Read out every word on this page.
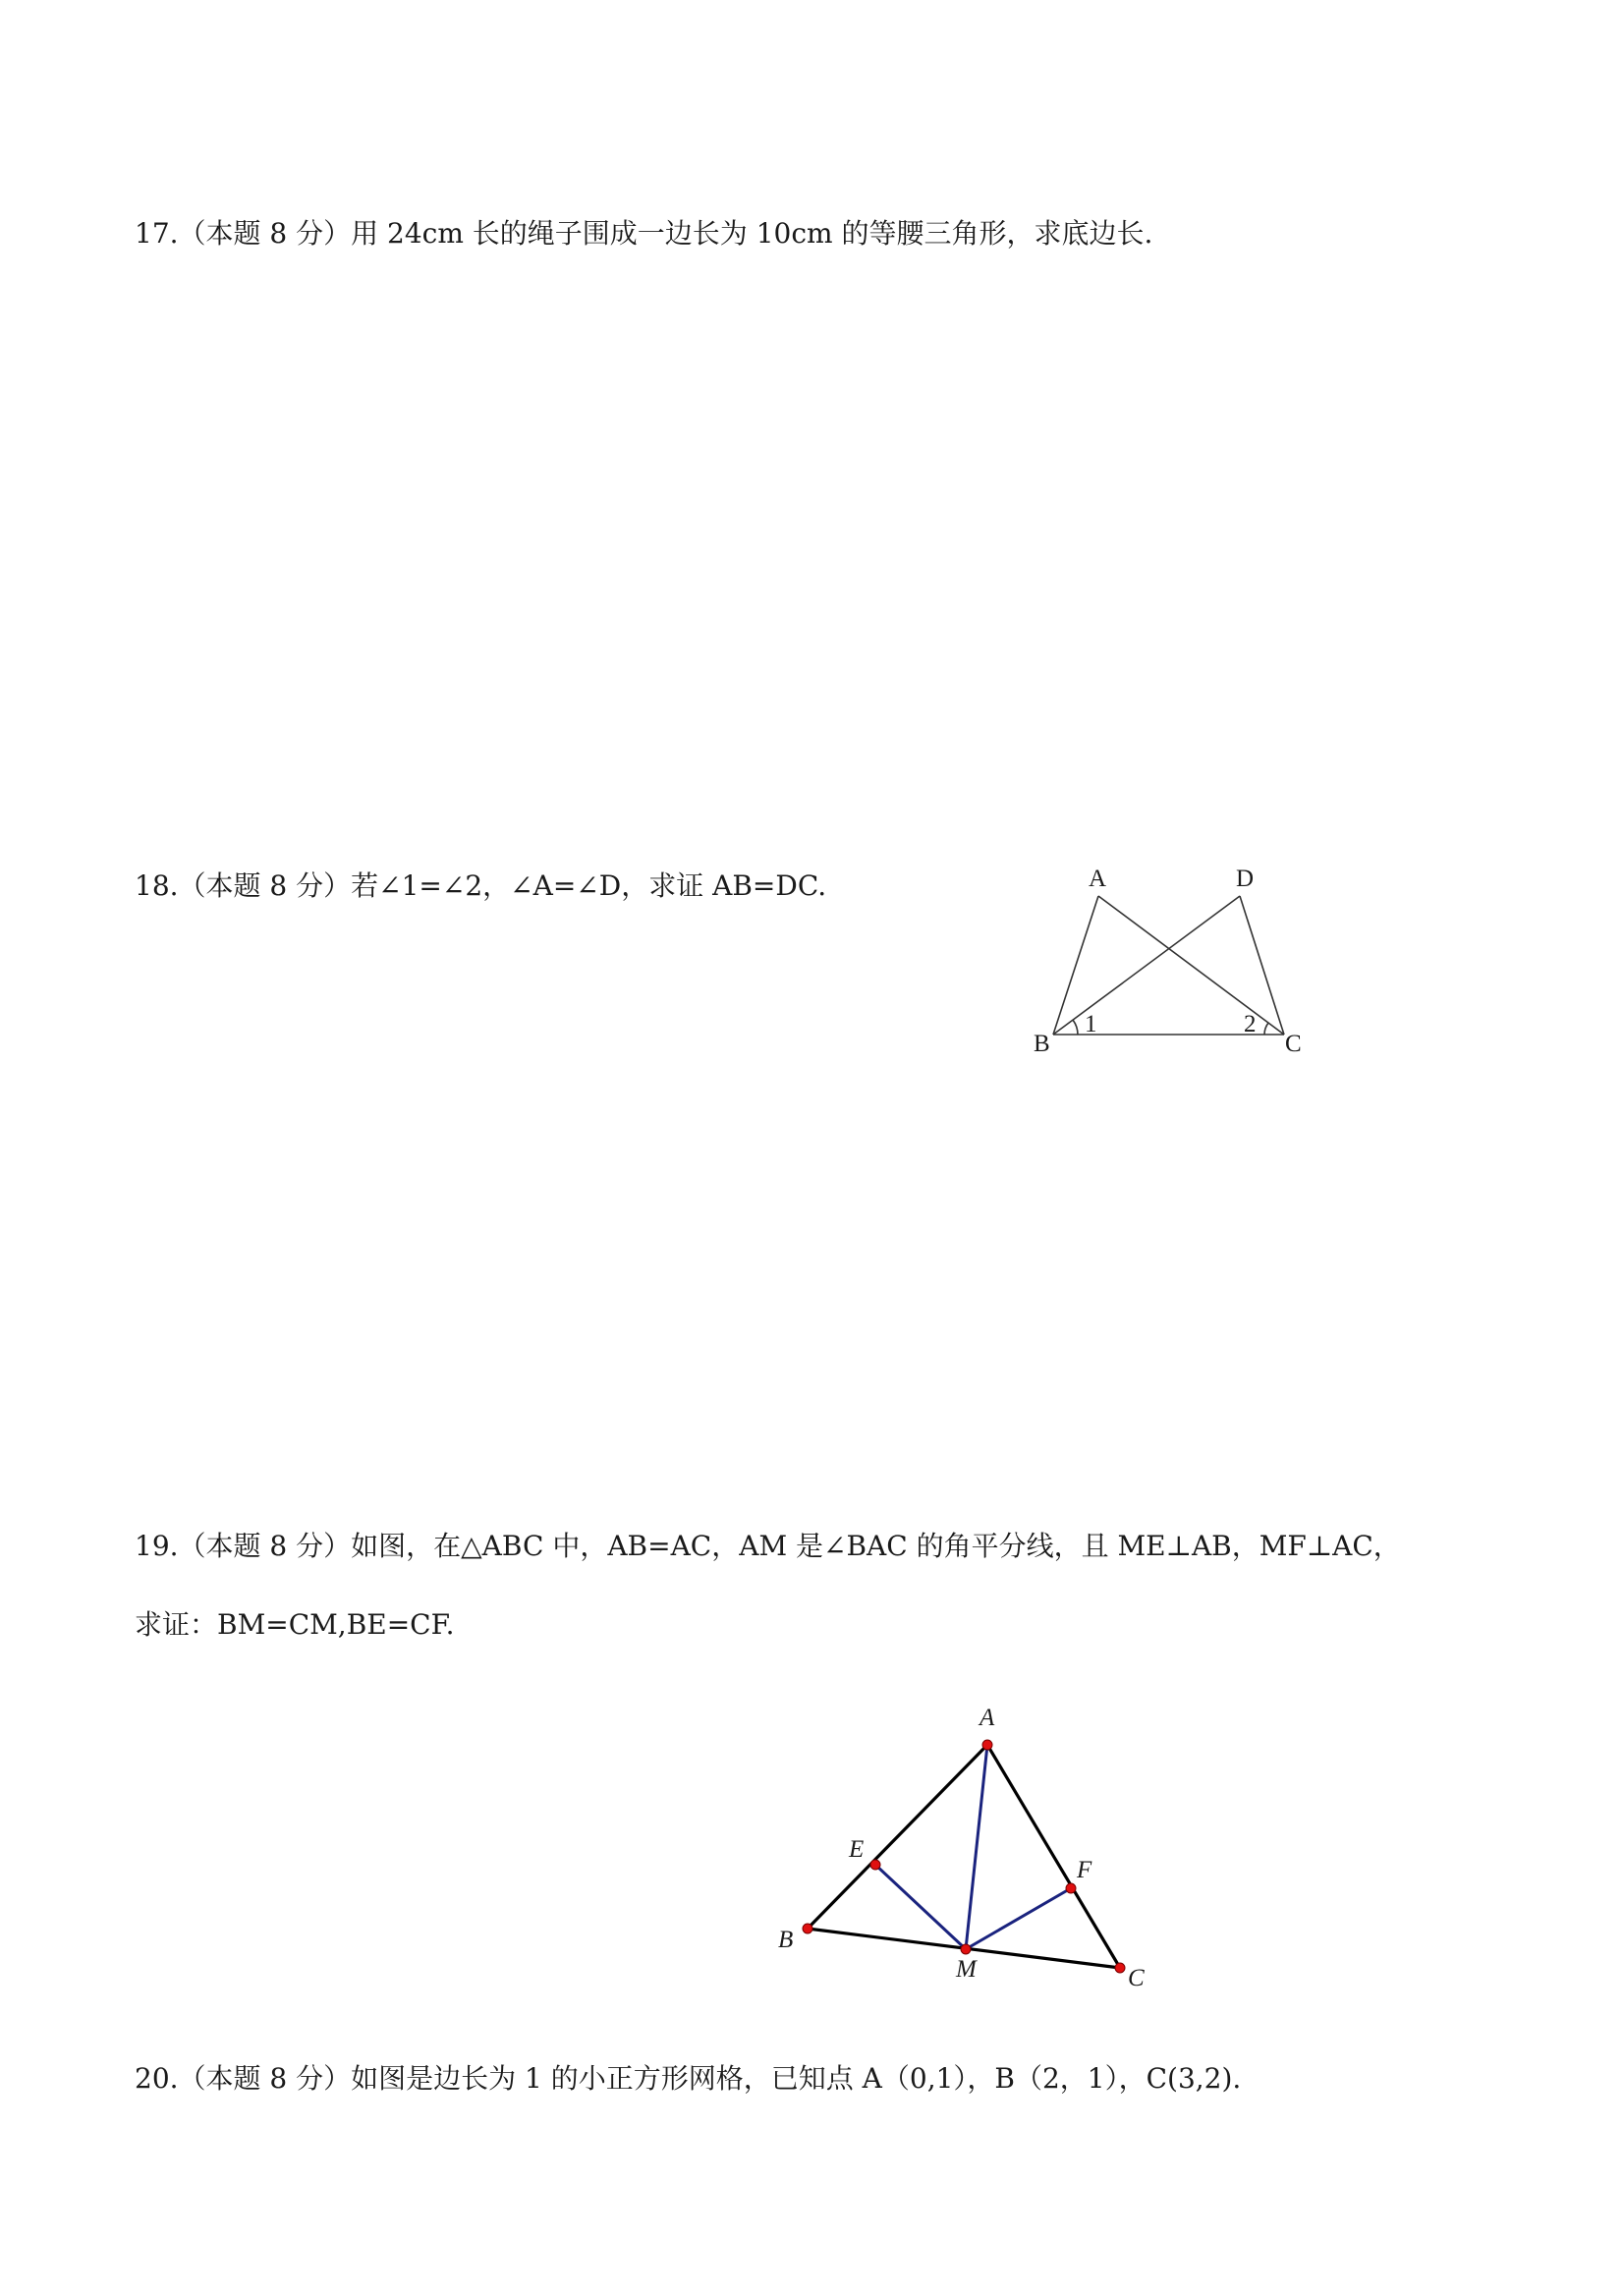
17.（本题 8 分）用 24cm 长的绳子围成一边长为 10cm 的等腰三角形，求底边长.
18.（本题 8 分）若∠1=∠2，∠A=∠D，求证 AB=DC.	A	D
B	C
1	2
19.（本题 8 分）如图，在△ABC 中，AB=AC，AM 是∠BAC 的角平分线，且 ME⊥AB，MF⊥AC，
求证：BM=CM,BE=CF.
A
B
C
E
F
M
20.（本题 8 分）如图是边长为 1 的小正方形网格，已知点 A（0,1），B（2，1），C(3,2).
